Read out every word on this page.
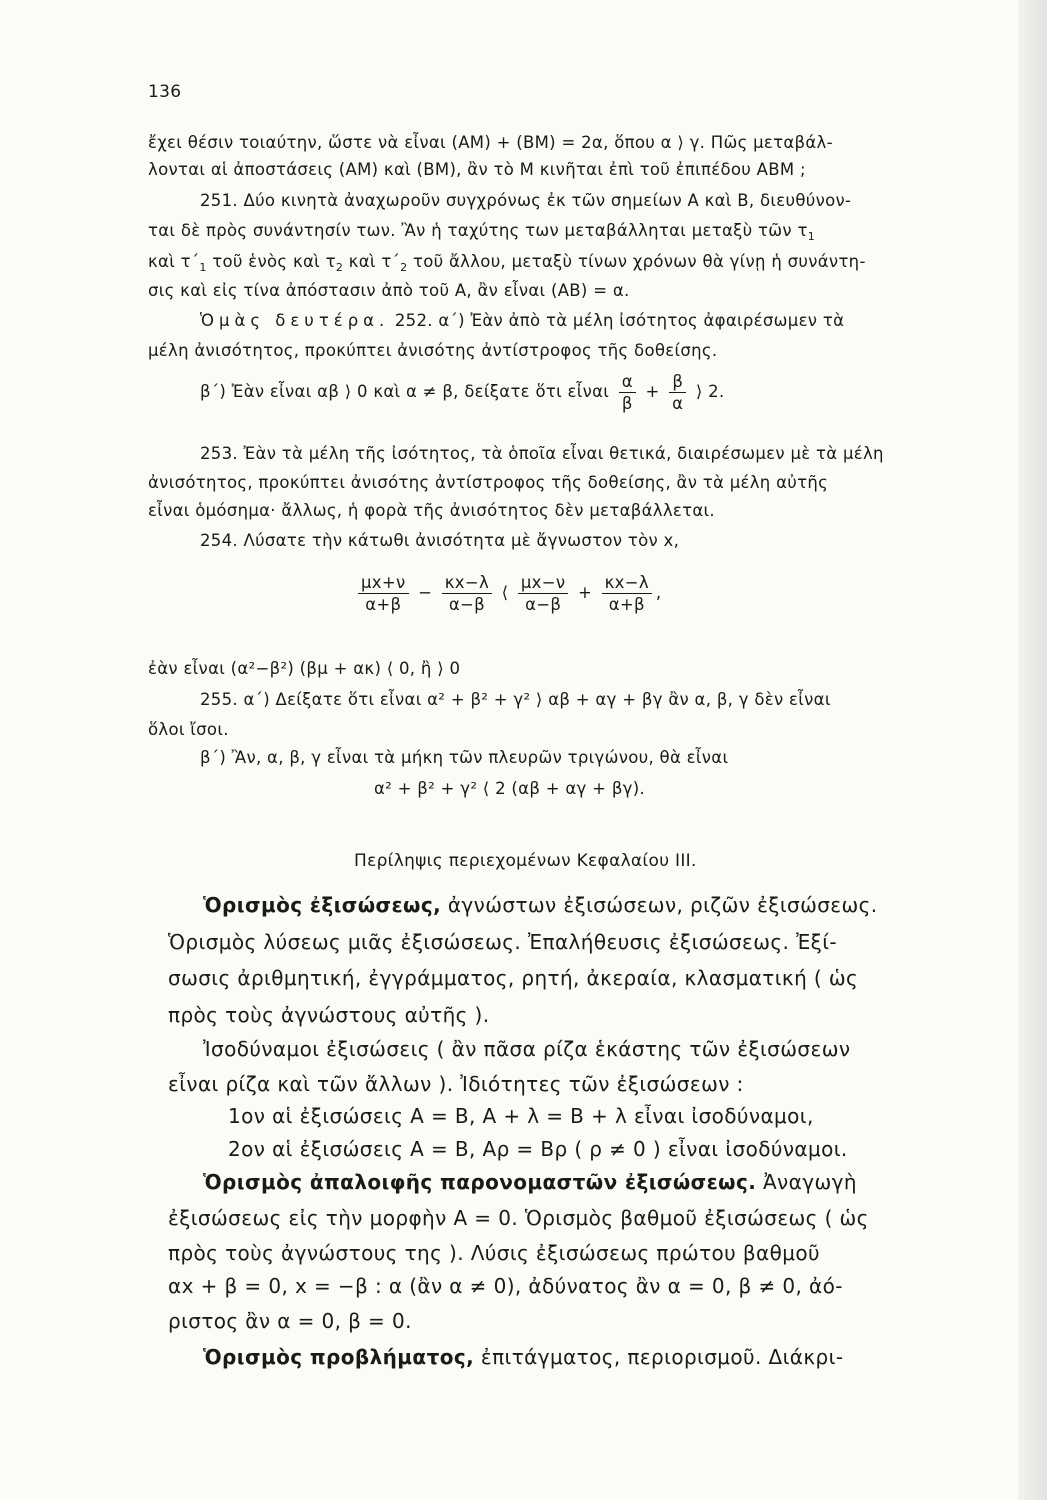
136
ἔχει θέσιν τοιαύτην, ὥστε νὰ εἶναι (AM) + (BM) = 2α, ὅπου α ⟩ γ. Πῶς μεταβάλ-
λονται αἱ ἀποστάσεις (AM) καὶ (BM), ἂν τὸ M κινῆται ἐπὶ τοῦ ἐπιπέδου ABM ;
251. Δύο κινητὰ ἀναχωροῦν συγχρόνως ἐκ τῶν σημείων A καὶ B, διευθύνον-
ται δὲ πρὸς συνάντησίν των. Ἂν ἡ ταχύτης των μεταβάλληται μεταξὺ τῶν $\tau_1$
καὶ $\tau΄_1$ τοῦ ἑνὸς καὶ $\tau_2$ καὶ $\tau΄_2$ τοῦ ἄλλου, μεταξὺ τίνων χρόνων θὰ γίνῃ ἡ συνάντη-
σις καὶ εἰς τίνα ἀπόστασιν ἀπὸ τοῦ A, ἂν εἶναι (AB) = α.
Ὁμὰς δευτέρα. 252. α΄) Ἐὰν ἀπὸ τὰ μέλη ἰσότητος ἀφαιρέσωμεν τὰ
μέλη ἀνισότητος, προκύπτει ἀνισότης ἀντίστροφος τῆς δοθείσης.
β΄) Ἐὰν εἶναι αβ ⟩ 0 καὶ α ≠ β, δείξατε ὅτι εἶναι $\frac{\alpha}{\beta} + \frac{\beta}{\alpha}$ ⟩ 2.
253. Ἐὰν τὰ μέλη τῆς ἰσότητος, τὰ ὁποῖα εἶναι θετικά, διαιρέσωμεν μὲ τὰ μέλη
ἀνισότητος, προκύπτει ἀνισότης ἀντίστροφος τῆς δοθείσης, ἂν τὰ μέλη αὐτῆς
εἶναι ὁμόσημα· ἄλλως, ἡ φορὰ τῆς ἀνισότητος δὲν μεταβάλλεται.
254. Λύσατε τὴν κάτωθι ἀνισότητα μὲ ἄγνωστον τὸν x,
$\frac{\mu x+\nu}{\alpha+\beta} - \frac{\kappa x-\lambda}{\alpha-\beta}$ ⟨ $\frac{\mu x-\nu}{\alpha-\beta} + \frac{\kappa x-\lambda}{\alpha+\beta}$ ,
ἐὰν εἶναι (α²−β²) (βμ + ακ) ⟨ 0, ἢ ⟩ 0
255. α΄) Δείξατε ὅτι εἶναι α² + β² + γ² ⟩ αβ + αγ + βγ ἂν α, β, γ δὲν εἶναι
ὅλοι ἴσοι.
β΄) Ἂν, α, β, γ εἶναι τὰ μήκη τῶν πλευρῶν τριγώνου, θὰ εἶναι
α² + β² + γ² ⟨ 2 (αβ + αγ + βγ).
Περίληψις περιεχομένων Κεφαλαίου III.
Ὁρισμὸς ἐξισώσεως, ἀγνώστων ἐξισώσεων, ριζῶν ἐξισώσεως.
Ὁρισμὸς λύσεως μιᾶς ἐξισώσεως. Ἐπαλήθευσις ἐξισώσεως. Ἐξί-
σωσις ἀριθμητική, ἐγγράμματος, ρητή, ἀκεραία, κλασματική ( ὡς
πρὸς τοὺς ἀγνώστους αὐτῆς ).
Ἰσοδύναμοι ἐξισώσεις ( ἂν πᾶσα ρίζα ἑκάστης τῶν ἐξισώσεων
εἶναι ρίζα καὶ τῶν ἄλλων ). Ἰδιότητες τῶν ἐξισώσεων :
1ον αἱ ἐξισώσεις A = B, A + λ = B + λ εἶναι ἰσοδύναμοι,
2ον αἱ ἐξισώσεις A = B, Aρ = Bρ ( ρ ≠ 0 ) εἶναι ἰσοδύναμοι.
Ὁρισμὸς ἀπαλοιφῆς παρονομαστῶν ἐξισώσεως. Ἀναγωγὴ
ἐξισώσεως εἰς τὴν μορφὴν A = 0. Ὁρισμὸς βαθμοῦ ἐξισώσεως ( ὡς
πρὸς τοὺς ἀγνώστους της ). Λύσις ἐξισώσεως πρώτου βαθμοῦ
αx + β = 0, x = −β : α (ἂν α ≠ 0), ἀδύνατος ἂν α = 0, β ≠ 0, ἀό-
ριστος ἂν α = 0, β = 0.
Ὁρισμὸς προβλήματος, ἐπιτάγματος, περιορισμοῦ. Διάκρι-
